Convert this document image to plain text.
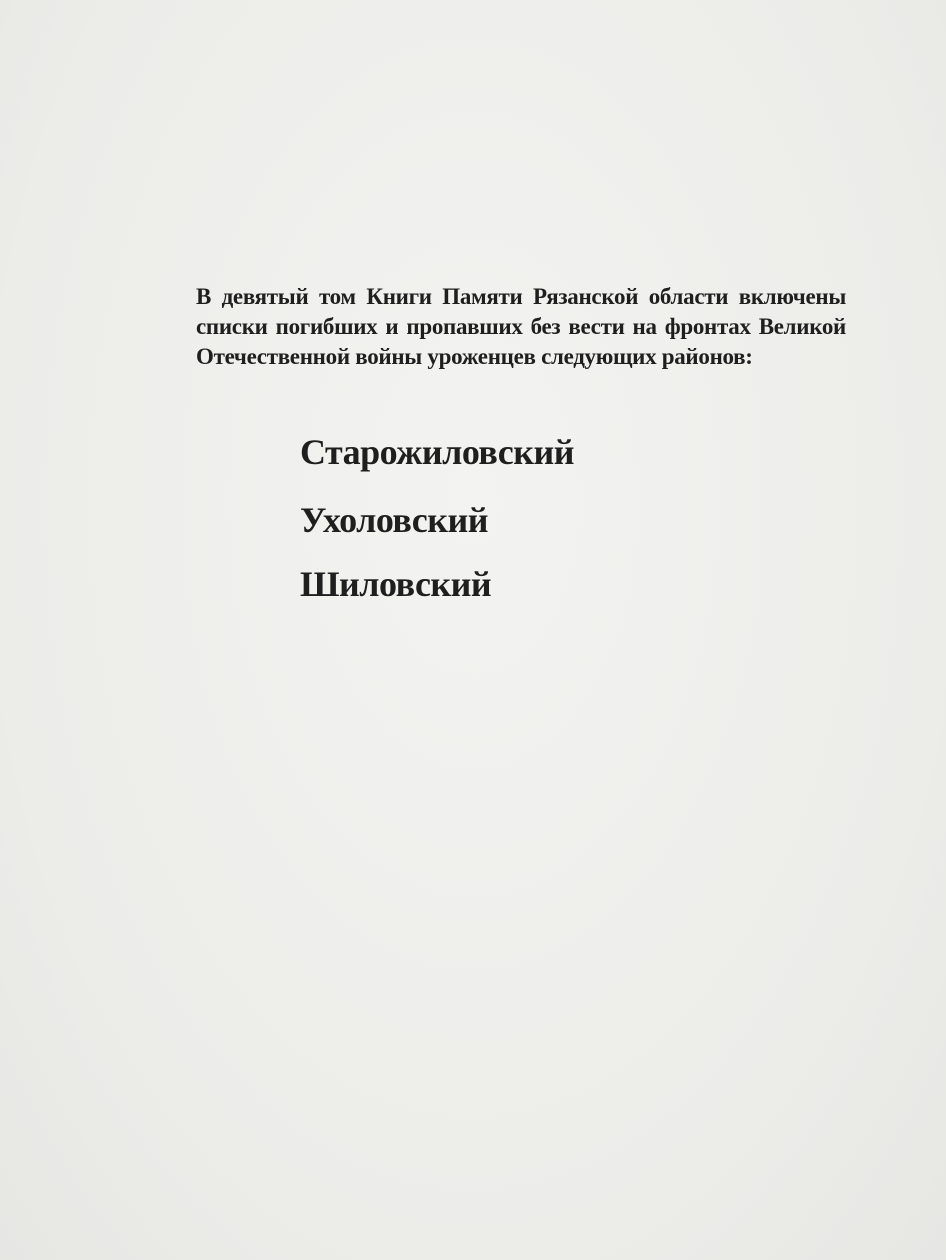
В девятый том Книги Памяти Рязанской области включены списки погибших и пропавших без вести на фронтах Великой Отечественной войны уроженцев следующих районов:

Старожиловский
Ухоловский
Шиловский
